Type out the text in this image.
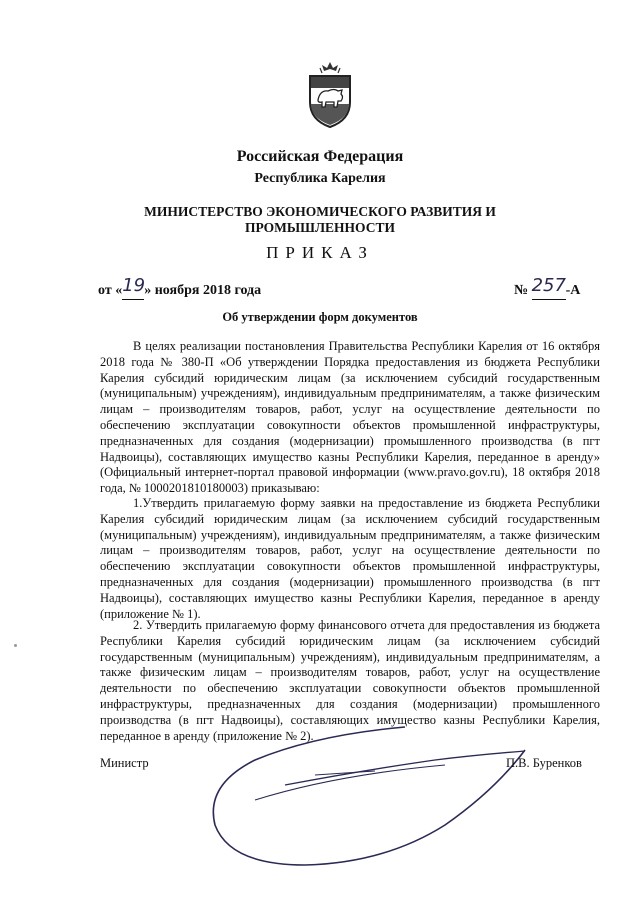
Российская Федерация
Республика Карелия
МИНИСТЕРСТВО ЭКОНОМИЧЕСКОГО РАЗВИТИЯ И
ПРОМЫШЛЕННОСТИ
ПРИКАЗ
от «19» ноября 2018 года	№ 257-А
Об утверждении форм документов

В целях реализации постановления Правительства Республики Карелия от 16 октября 2018 года № 380-П «Об утверждении Порядка предоставления из бюджета Республики Карелия субсидий юридическим лицам (за исключением субсидий государственным (муниципальным) учреждениям), индивидуальным предпринимателям, а также физическим лицам – производителям товаров, работ, услуг на осуществление деятельности по обеспечению эксплуатации совокупности объектов промышленной инфраструктуры, предназначенных для создания (модернизации) промышленного производства (в пгт Надвоицы), составляющих имущество казны Республики Карелия, переданное в аренду» (Официальный интернет-портал правовой информации (www.pravo.gov.ru), 18 октября 2018 года, № 1000201810180003) приказываю:

1.Утвердить прилагаемую форму заявки на предоставление из бюджета Республики Карелия субсидий юридическим лицам (за исключением субсидий государственным (муниципальным) учреждениям), индивидуальным предпринимателям, а также физическим лицам – производителям товаров, работ, услуг на осуществление деятельности по обеспечению эксплуатации совокупности объектов промышленной инфраструктуры, предназначенных для создания (модернизации) промышленного производства (в пгт Надвоицы), составляющих имущество казны Республики Карелия, переданное в аренду (приложение № 1).

2. Утвердить прилагаемую форму финансового отчета для предоставления из бюджета Республики Карелия субсидий юридическим лицам (за исключением субсидий государственным (муниципальным) учреждениям), индивидуальным предпринимателям, а также физическим лицам – производителям товаров, работ, услуг на осуществление деятельности по обеспечению эксплуатации совокупности объектов промышленной инфраструктуры, предназначенных для создания (модернизации) промышленного производства (в пгт Надвоицы), составляющих имущество казны Республики Карелия, переданное в аренду (приложение № 2).

Министр	П.В. Буренков
